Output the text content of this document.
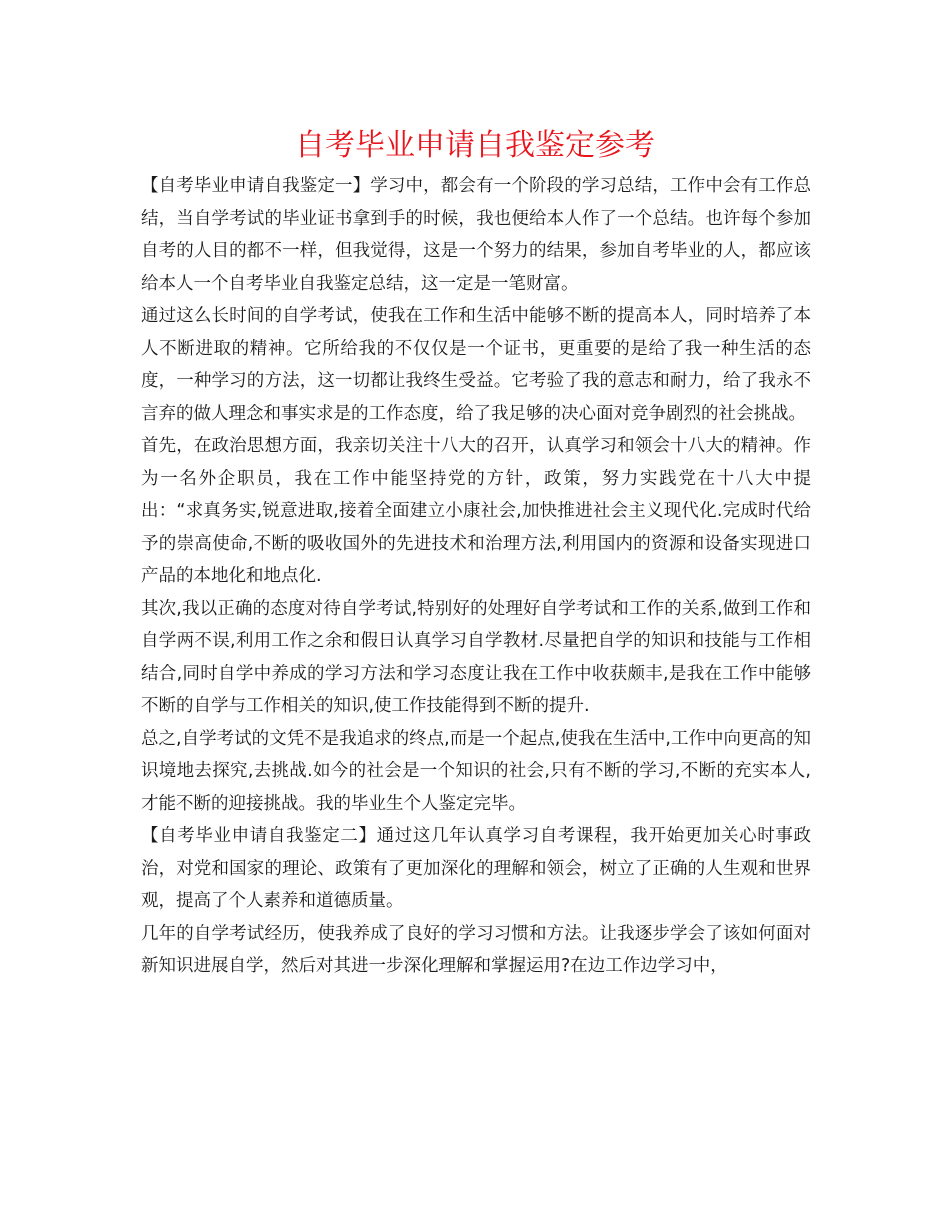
自考毕业申请自我鉴定参考

【自考毕业申请自我鉴定一】学习中，都会有一个阶段的学习总结，工作中会有工作总结，当自学考试的毕业证书拿到手的时候，我也便给本人作了一个总结。也许每个参加自考的人目的都不一样，但我觉得，这是一个努力的结果，参加自考毕业的人，都应该给本人一个自考毕业自我鉴定总结，这一定是一笔财富。

通过这么长时间的自学考试，使我在工作和生活中能够不断的提高本人，同时培养了本人不断进取的精神。它所给我的不仅仅是一个证书，更重要的是给了我一种生活的态度，一种学习的方法，这一切都让我终生受益。它考验了我的意志和耐力，给了我永不言弃的做人理念和事实求是的工作态度，给了我足够的决心面对竞争剧烈的社会挑战。

首先，在政治思想方面，我亲切关注十八大的召开，认真学习和领会十八大的精神。作为一名外企职员，我在工作中能坚持党的方针，政策，努力实践党在十八大中提出：“求真务实,锐意进取,接着全面建立小康社会,加快推进社会主义现代化.完成时代给予的崇高使命,不断的吸收国外的先进技术和治理方法,利用国内的资源和设备实现进口产品的本地化和地点化.

其次,我以正确的态度对待自学考试,特别好的处理好自学考试和工作的关系,做到工作和自学两不误,利用工作之余和假日认真学习自学教材.尽量把自学的知识和技能与工作相结合,同时自学中养成的学习方法和学习态度让我在工作中收获颇丰,是我在工作中能够不断的自学与工作相关的知识,使工作技能得到不断的提升.

总之,自学考试的文凭不是我追求的终点,而是一个起点,使我在生活中,工作中向更高的知识境地去探究,去挑战.如今的社会是一个知识的社会,只有不断的学习,不断的充实本人,才能不断的迎接挑战。我的毕业生个人鉴定完毕。

【自考毕业申请自我鉴定二】通过这几年认真学习自考课程，我开始更加关心时事政治，对党和国家的理论、政策有了更加深化的理解和领会，树立了正确的人生观和世界观，提高了个人素养和道德质量。

几年的自学考试经历，使我养成了良好的学习习惯和方法。让我逐步学会了该如何面对新知识进展自学，然后对其进一步深化理解和掌握运用?在边工作边学习中，
